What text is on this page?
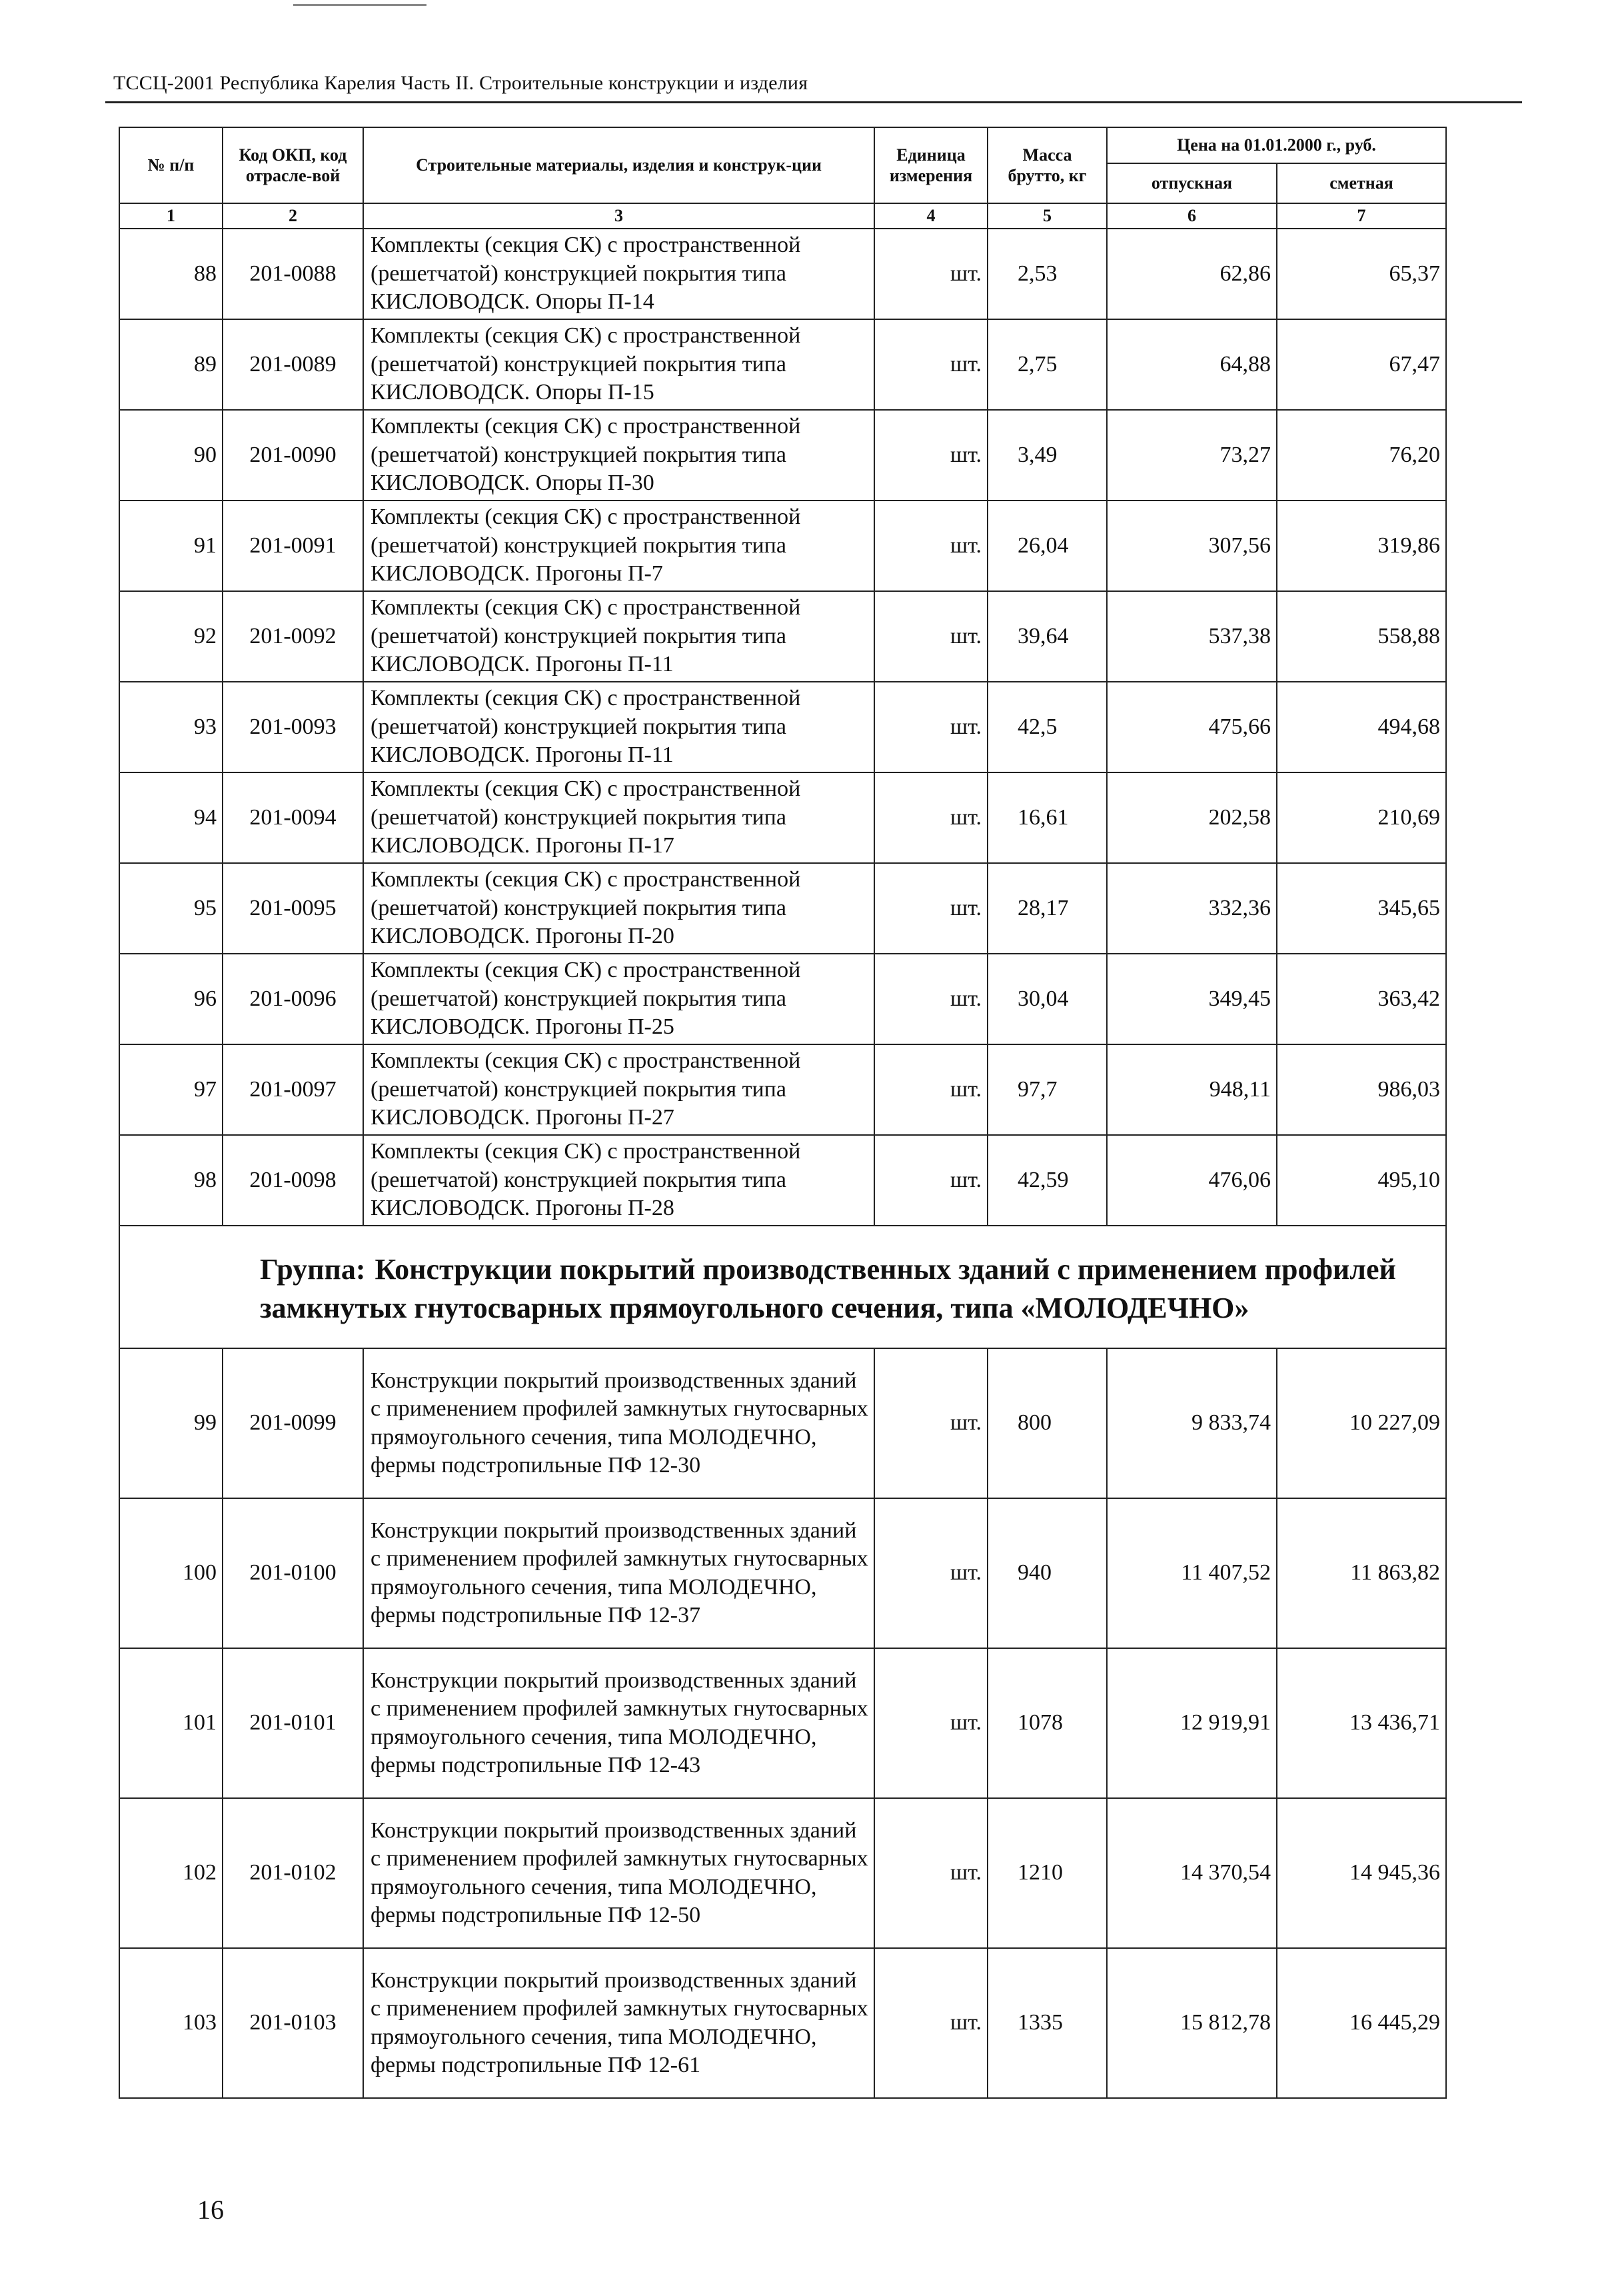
ТССЦ-2001 Республика Карелия Часть II. Строительные конструкции и изделия
№ п/п	Код ОКП, код отрасле-вой	Строительные материалы, изделия и конструк-ции	Единица измерения	Масса брутто, кг	Цена на 01.01.2000 г., руб.	
					отпускная	сметная
1	2	3	4	5	6	7
88	201-0088	Комплекты (секция СК) с пространственной (решетчатой) конструкцией покрытия типа КИСЛОВОДСК. Опоры П-14	шт.	2,53	62,86	65,37
89	201-0089	Комплекты (секция СК) с пространственной (решетчатой) конструкцией покрытия типа КИСЛОВОДСК. Опоры П-15	шт.	2,75	64,88	67,47
90	201-0090	Комплекты (секция СК) с пространственной (решетчатой) конструкцией покрытия типа КИСЛОВОДСК. Опоры П-30	шт.	3,49	73,27	76,20
91	201-0091	Комплекты (секция СК) с пространственной (решетчатой) конструкцией покрытия типа КИСЛОВОДСК. Прогоны П-7	шт.	26,04	307,56	319,86
92	201-0092	Комплекты (секция СК) с пространственной (решетчатой) конструкцией покрытия типа КИСЛОВОДСК. Прогоны П-11	шт.	39,64	537,38	558,88
93	201-0093	Комплекты (секция СК) с пространственной (решетчатой) конструкцией покрытия типа КИСЛОВОДСК. Прогоны П-11	шт.	42,5	475,66	494,68
94	201-0094	Комплекты (секция СК) с пространственной (решетчатой) конструкцией покрытия типа КИСЛОВОДСК. Прогоны П-17	шт.	16,61	202,58	210,69
95	201-0095	Комплекты (секция СК) с пространственной (решетчатой) конструкцией покрытия типа КИСЛОВОДСК. Прогоны П-20	шт.	28,17	332,36	345,65
96	201-0096	Комплекты (секция СК) с пространственной (решетчатой) конструкцией покрытия типа КИСЛОВОДСК. Прогоны П-25	шт.	30,04	349,45	363,42
97	201-0097	Комплекты (секция СК) с пространственной (решетчатой) конструкцией покрытия типа КИСЛОВОДСК. Прогоны П-27	шт.	97,7	948,11	986,03
98	201-0098	Комплекты (секция СК) с пространственной (решетчатой) конструкцией покрытия типа КИСЛОВОДСК. Прогоны П-28	шт.	42,59	476,06	495,10
Группа: Конструкции покрытий производственных зданий с применением профилей замкнутых гнутосварных прямоугольного сечения, типа «МОЛОДЕЧНО»						
99	201-0099	Конструкции покрытий производственных зданий с применением профилей замкнутых гнутосварных прямоугольного сечения, типа МОЛОДЕЧНО, фермы подстропильные ПФ 12-30	шт.	800	9 833,74	10 227,09
100	201-0100	Конструкции покрытий производственных зданий с применением профилей замкнутых гнутосварных прямоугольного сечения, типа МОЛОДЕЧНО, фермы подстропильные ПФ 12-37	шт.	940	11 407,52	11 863,82
101	201-0101	Конструкции покрытий производственных зданий с применением профилей замкнутых гнутосварных прямоугольного сечения, типа МОЛОДЕЧНО, фермы подстропильные ПФ 12-43	шт.	1078	12 919,91	13 436,71
102	201-0102	Конструкции покрытий производственных зданий с применением профилей замкнутых гнутосварных прямоугольного сечения, типа МОЛОДЕЧНО, фермы подстропильные ПФ 12-50	шт.	1210	14 370,54	14 945,36
103	201-0103	Конструкции покрытий производственных зданий с применением профилей замкнутых гнутосварных прямоугольного сечения, типа МОЛОДЕЧНО, фермы подстропильные ПФ 12-61	шт.	1335	15 812,78	16 445,29
16
